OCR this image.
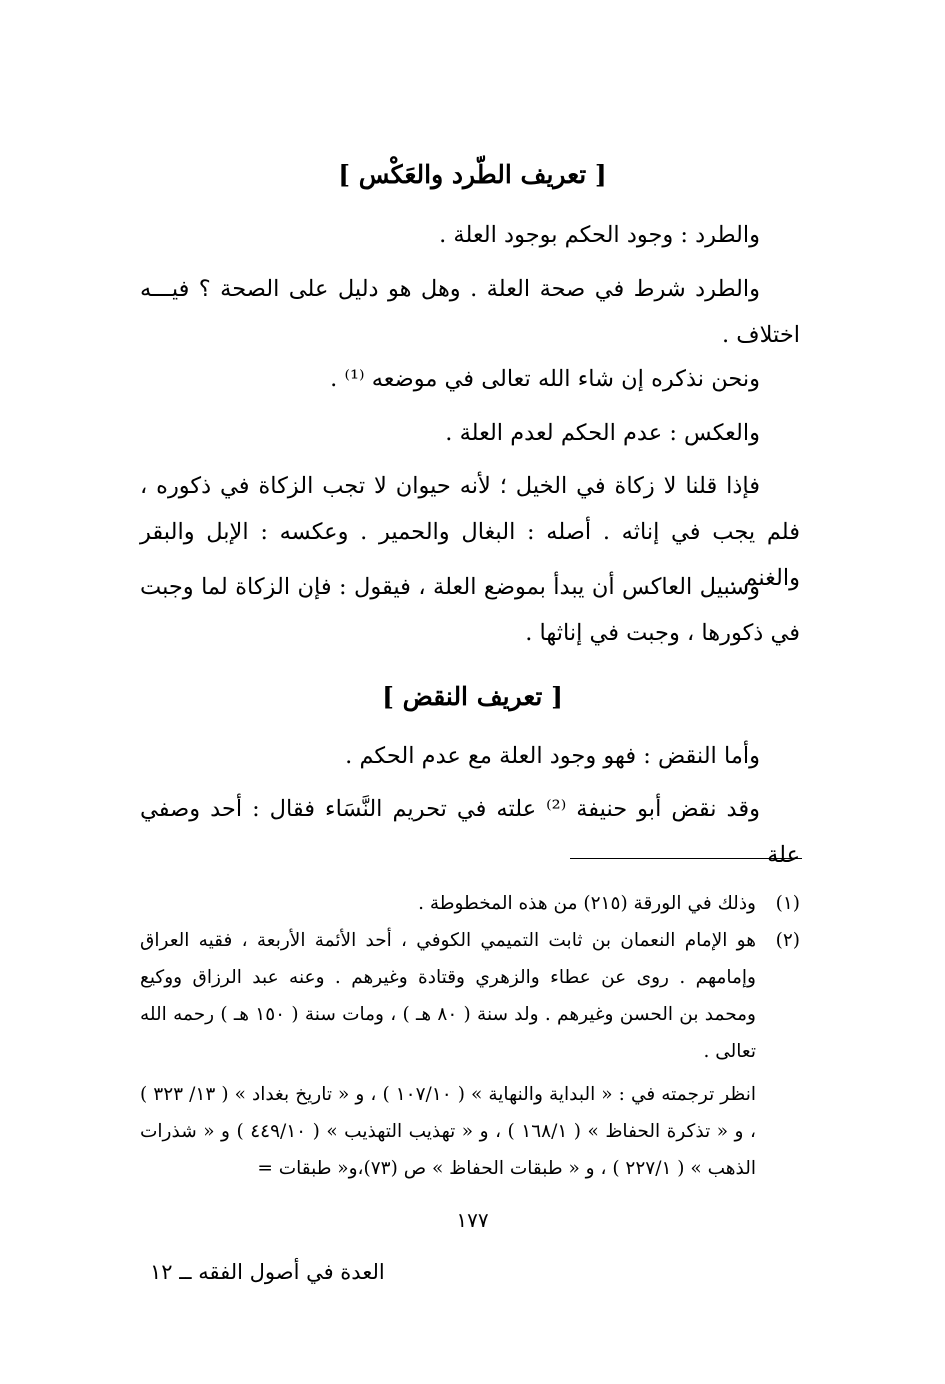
[ تعريف الطّرد والعَكْس ]
والطرد : وجود الحكم بوجود العلة .
والطرد شرط في صحة العلة . وهل هو دليل على الصحة ؟ فيـــه اختلاف .
ونحن نذكره إن شاء الله تعالى في موضعه ⁽¹⁾ .
والعكس : عدم الحكم لعدم العلة .
فإذا قلنا لا زكاة في الخيل ؛ لأنه حيوان لا تجب الزكاة في ذكوره ، فلم يجب في إناثه . أصله : البغال والحمير . وعكسه : الإبل والبقر والغنم .
وسبيل العاكس أن يبدأ بموضع العلة ، فيقول : فإن الزكاة لما وجبت في ذكورها ، وجبت في إناثها .
[ تعريف النقض ]
وأما النقض : فهو وجود العلة مع عدم الحكم .
وقد نقض أبو حنيفة ⁽²⁾ علته في تحريم النَّسَاء فقال : أحد وصفي علة
(١)
وذلك في الورقة (٢١٥) من هذه المخطوطة .
(٢)
هو الإمام النعمان بن ثابت التميمي الكوفي ، أحد الأئمة الأربعة ، فقيه العراق وإمامهم . روى عن عطاء والزهري وقتادة وغيرهم . وعنه عبد الرزاق ووكيع ومحمد بن الحسن وغيرهم . ولد سنة ( ٨٠ هـ ) ، ومات سنة ( ١٥٠ هـ ) رحمه الله تعالى .
انظر ترجمته في : « البداية والنهاية » ( ١٠٧/١٠ ) ، و « تاريخ بغداد » ( ١٣/ ٣٢٣ ) ، و « تذكرة الحفاظ » ( ١٦٨/١ ) ، و « تهذيب التهذيب » ( ٤٤٩/١٠ ) و « شذرات الذهب » ( ٢٢٧/١ ) ، و « طبقات الحفاظ » ص (٧٣)،و« طبقات =
١٧٧
العدة في أصول الفقه ــ ١٢
